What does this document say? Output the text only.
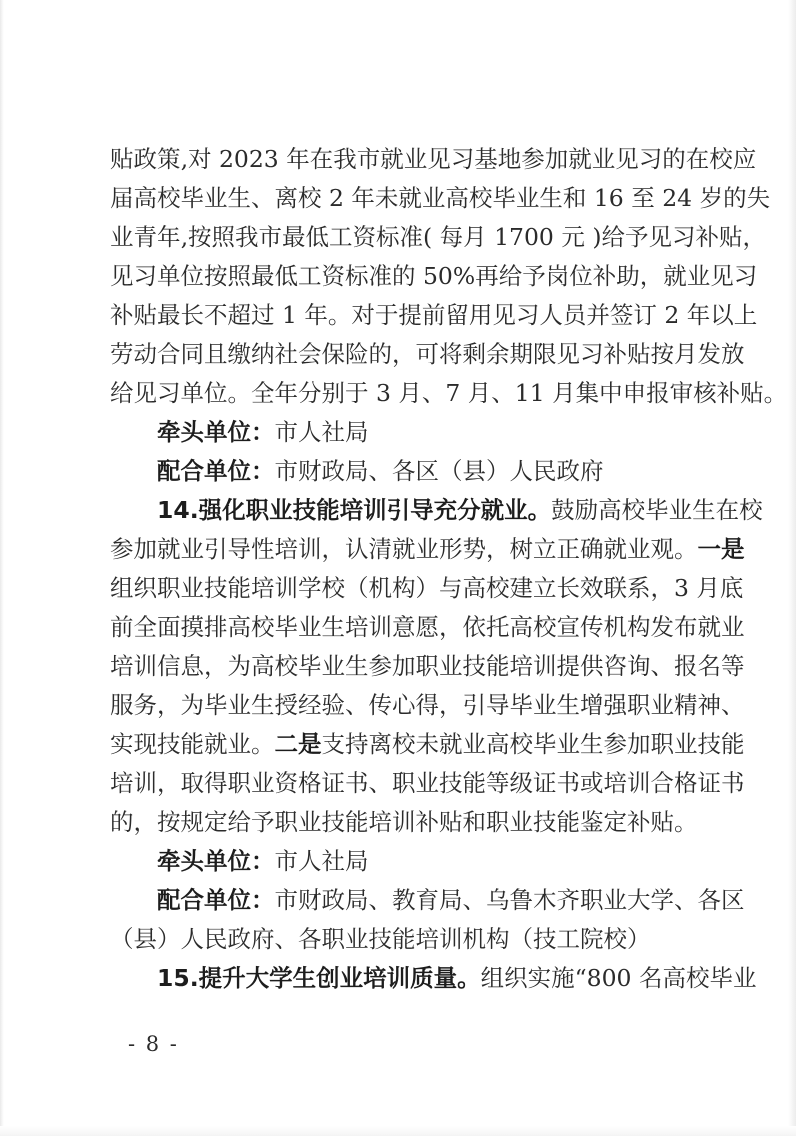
贴政策‚对 2023 年在我市就业见习基地参加就业见习的在校应
届高校毕业生、离校 2 年未就业高校毕业生和 16 至 24 岁的失
业青年‚按照我市最低工资标准( 每月 1700 元 )给予见习补贴，
见习单位按照最低工资标准的 50%再给予岗位补助，就业见习
补贴最长不超过 1 年。对于提前留用见习人员并签订 2 年以上
劳动合同且缴纳社会保险的，可将剩余期限见习补贴按月发放
给见习单位。全年分别于 3 月、7 月、11 月集中申报审核补贴。
牵头单位：市人社局
配合单位：市财政局、各区（县）人民政府
14.强化职业技能培训引导充分就业。鼓励高校毕业生在校
参加就业引导性培训，认清就业形势，树立正确就业观。 一是
组织职业技能培训学校（机构）与高校建立长效联系，3 月底
前全面摸排高校毕业生培训意愿，依托高校宣传机构发布就业
培训信息，为高校毕业生参加职业技能培训提供咨询、报名等
服务，为毕业生授经验、传心得，引导毕业生增强职业精神、
实现技能就业。 二是 支持离校未就业高校毕业生参加职业技能
培训，取得职业资格证书、职业技能等级证书或培训合格证书
的，按规定给予职业技能培训补贴和职业技能鉴定补贴。
牵头单位：市人社局
配合单位：市财政局、教育局、乌鲁木齐职业大学、各区
（县）人民政府、各职业技能培训机构（技工院校）
15.提升大学生创业培训质量。组织实施“800 名高校毕业
- 8 -
